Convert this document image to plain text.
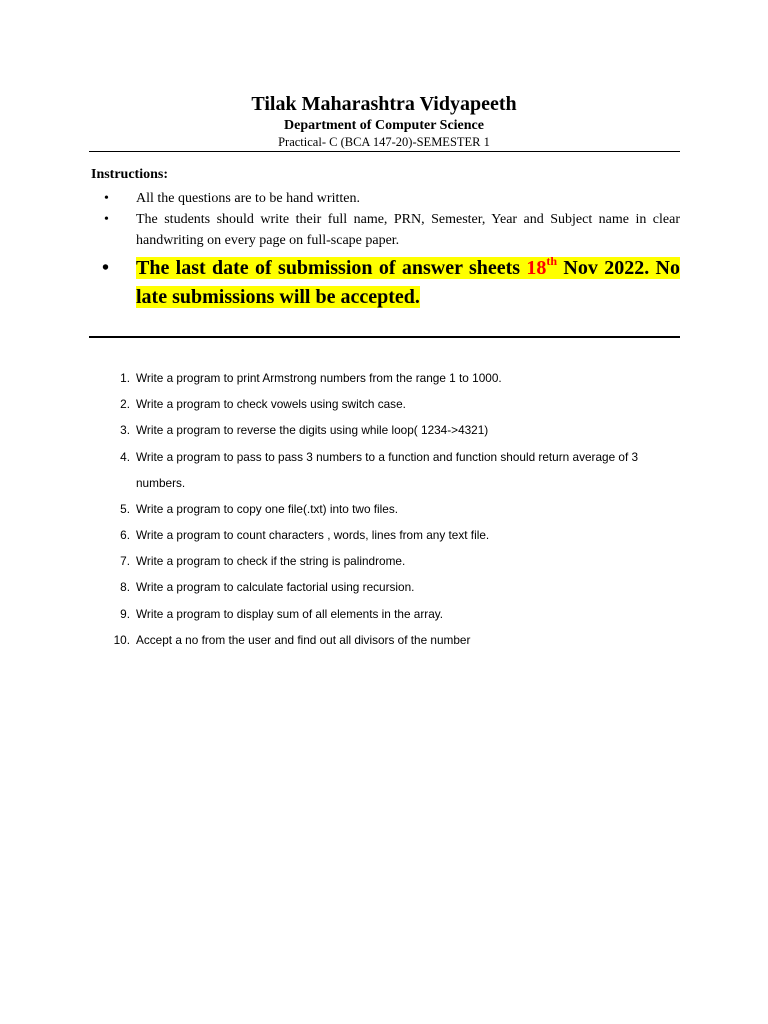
Tilak Maharashtra Vidyapeeth
Department of Computer Science
Practical- C (BCA 147-20)-SEMESTER 1
Instructions:
• All the questions are to be hand written.
• The students should write their full name, PRN, Semester, Year and Subject name in clear handwriting on every page on full-scape paper.
• The last date of submission of answer sheets 18th Nov 2022. No late submissions will be accepted.
1. Write a program to print Armstrong numbers from the range 1 to 1000.
2. Write a program to check vowels using switch case.
3. Write a program to reverse the digits using while loop( 1234->4321)
4. Write a program to pass to pass 3 numbers to a function and function should return average of 3 numbers.
5. Write a program to copy one file(.txt) into two files.
6. Write a program to count characters , words, lines from any text file.
7. Write a program to check if the string is palindrome.
8. Write a program to calculate factorial using recursion.
9. Write a program to display sum of all elements in the array.
10. Accept a no from the user and find out all divisors of the number
